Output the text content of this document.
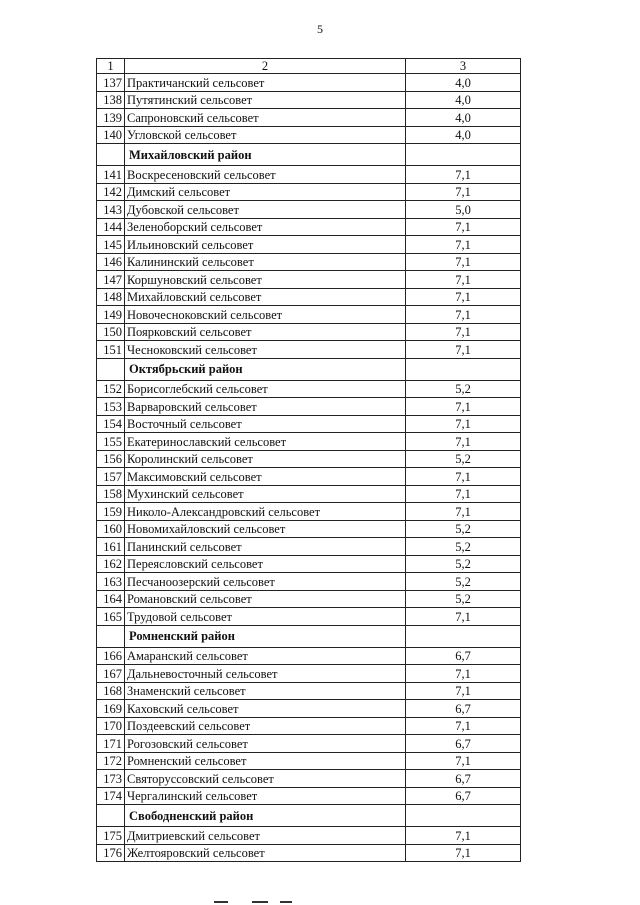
5
1	2	3
137	Практичанский сельсовет	4,0
138	Путятинский сельсовет	4,0
139	Сапроновский сельсовет	4,0
140	Угловской сельсовет	4,0
	Михайловский район	
141	Воскресеновский сельсовет	7,1
142	Димский сельсовет	7,1
143	Дубовской сельсовет	5,0
144	Зеленоборский сельсовет	7,1
145	Ильиновский сельсовет	7,1
146	Калининский сельсовет	7,1
147	Коршуновский сельсовет	7,1
148	Михайловский сельсовет	7,1
149	Новочесноковский сельсовет	7,1
150	Поярковский сельсовет	7,1
151	Чесноковский сельсовет	7,1
	Октябрьский район	
152	Борисоглебский сельсовет	5,2
153	Варваровский сельсовет	7,1
154	Восточный сельсовет	7,1
155	Екатеринославский сельсовет	7,1
156	Королинский сельсовет	5,2
157	Максимовский сельсовет	7,1
158	Мухинский сельсовет	7,1
159	Николо-Александровский сельсовет	7,1
160	Новомихайловский сельсовет	5,2
161	Панинский сельсовет	5,2
162	Переясловский сельсовет	5,2
163	Песчаноозерский сельсовет	5,2
164	Романовский сельсовет	5,2
165	Трудовой сельсовет	7,1
	Ромненский район	
166	Амаранский сельсовет	6,7
167	Дальневосточный сельсовет	7,1
168	Знаменский сельсовет	7,1
169	Каховский сельсовет	6,7
170	Поздеевский сельсовет	7,1
171	Рогозовский сельсовет	6,7
172	Ромненский сельсовет	7,1
173	Святоруссовский сельсовет	6,7
174	Чергалинский сельсовет	6,7
	Свободненский район	
175	Дмитриевский сельсовет	7,1
176	Желтояровский сельсовет	7,1
